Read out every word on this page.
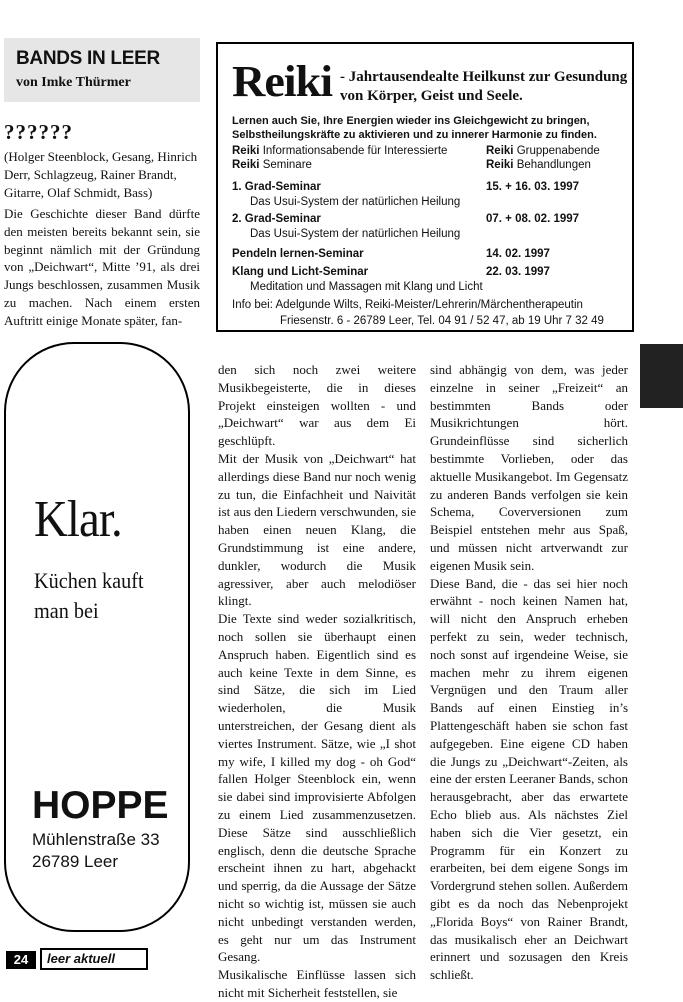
BANDS IN LEER
von Imke Thürmer
??????
(Holger Steenblock, Gesang, Hinrich Derr, Schlagzeug, Rainer Brandt, Gitarre, Olaf Schmidt, Bass)
Die Geschichte dieser Band dürfte den meisten bereits bekannt sein, sie beginnt nämlich mit der Gründung von „Deichwart“, Mitte ’91, als drei Jungs beschlossen, zusammen Musik zu machen. Nach einem ersten Auftritt einige Monate später, fan-
Reiki - Jahrtausendealte Heilkunst zur Gesundung von Körper, Geist und Seele.
Lernen auch Sie, Ihre Energien wieder ins Gleichgewicht zu bringen, Selbstheilungskräfte zu aktivieren und zu innerer Harmonie zu finden.
Reiki Informationsabende für Interessierte	Reiki Gruppenabende
Reiki Seminare	Reiki Behandlungen
1. Grad-Seminar	15. + 16. 03. 1997
Das Usui-System der natürlichen Heilung
2. Grad-Seminar	07. + 08. 02. 1997
Das Usui-System der natürlichen Heilung
Pendeln lernen-Seminar	14. 02. 1997
Klang und Licht-Seminar	22. 03. 1997
Meditation und Massagen mit Klang und Licht
Info bei: Adelgunde Wilts, Reiki-Meister/Lehrerin/Märchentherapeutin
Friesenstr. 6 - 26789 Leer, Tel. 04 91 / 52 47, ab 19 Uhr 7 32 49
Klar.
Küchen kauft
man bei
HOPPE
Mühlenstraße 33
26789 Leer

den sich noch zwei weitere Musikbegeisterte, die in dieses Projekt einsteigen wollten - und „Deichwart“ war aus dem Ei geschlüpft.

Mit der Musik von „Deichwart“ hat allerdings diese Band nur noch wenig zu tun, die Einfachheit und Naivität ist aus den Liedern verschwunden, sie haben einen neuen Klang, die Grundstimmung ist eine andere, dunkler, wodurch die Musik agressiver, aber auch melodiöser klingt.

Die Texte sind weder sozialkritisch, noch sollen sie überhaupt einen Anspruch haben. Eigentlich sind es auch keine Texte in dem Sinne, es sind Sätze, die sich im Lied wiederholen, die Musik unterstreichen, der Gesang dient als viertes Instrument. Sätze, wie „I shot my wife, I killed my dog - oh God“ fallen Holger Steenblock ein, wenn sie dabei sind improvisierte Abfolgen zu einem Lied zusammenzusetzen. Diese Sätze sind ausschließlich englisch, denn die deutsche Sprache erscheint ihnen zu hart, abgehackt und sperrig, da die Aussage der Sätze nicht so wichtig ist, müssen sie auch nicht unbedingt verstanden werden, es geht nur um das Instrument Gesang.

Musikalische Einflüsse lassen sich nicht mit Sicherheit feststellen, sie

sind abhängig von dem, was jeder einzelne in seiner „Freizeit“ an bestimmten Bands oder Musikrichtungen hört. Grundeinflüsse sind sicherlich bestimmte Vorlieben, oder das aktuelle Musikangebot. Im Gegensatz zu anderen Bands verfolgen sie kein Schema, Coverversionen zum Beispiel entstehen mehr aus Spaß, und müssen nicht artverwandt zur eigenen Musik sein.

Diese Band, die - das sei hier noch erwähnt - noch keinen Namen hat, will nicht den Anspruch erheben perfekt zu sein, weder technisch, noch sonst auf irgendeine Weise, sie machen mehr zu ihrem eigenen Vergnügen und den Traum aller Bands auf einen Einstieg in’s Plattengeschäft haben sie schon fast aufgegeben. Eine eigene CD haben die Jungs zu „Deichwart“-Zeiten, als eine der ersten Leeraner Bands, schon herausgebracht, aber das erwartete Echo blieb aus. Als nächstes Ziel haben sich die Vier gesetzt, ein Programm für ein Konzert zu erarbeiten, bei dem eigene Songs im Vordergrund stehen sollen. Außerdem gibt es da noch das Nebenprojekt „Florida Boys“ von Rainer Brandt, das musikalisch eher an Deichwart erinnert und sozusagen den Kreis schließt.

24	leer aktuell
